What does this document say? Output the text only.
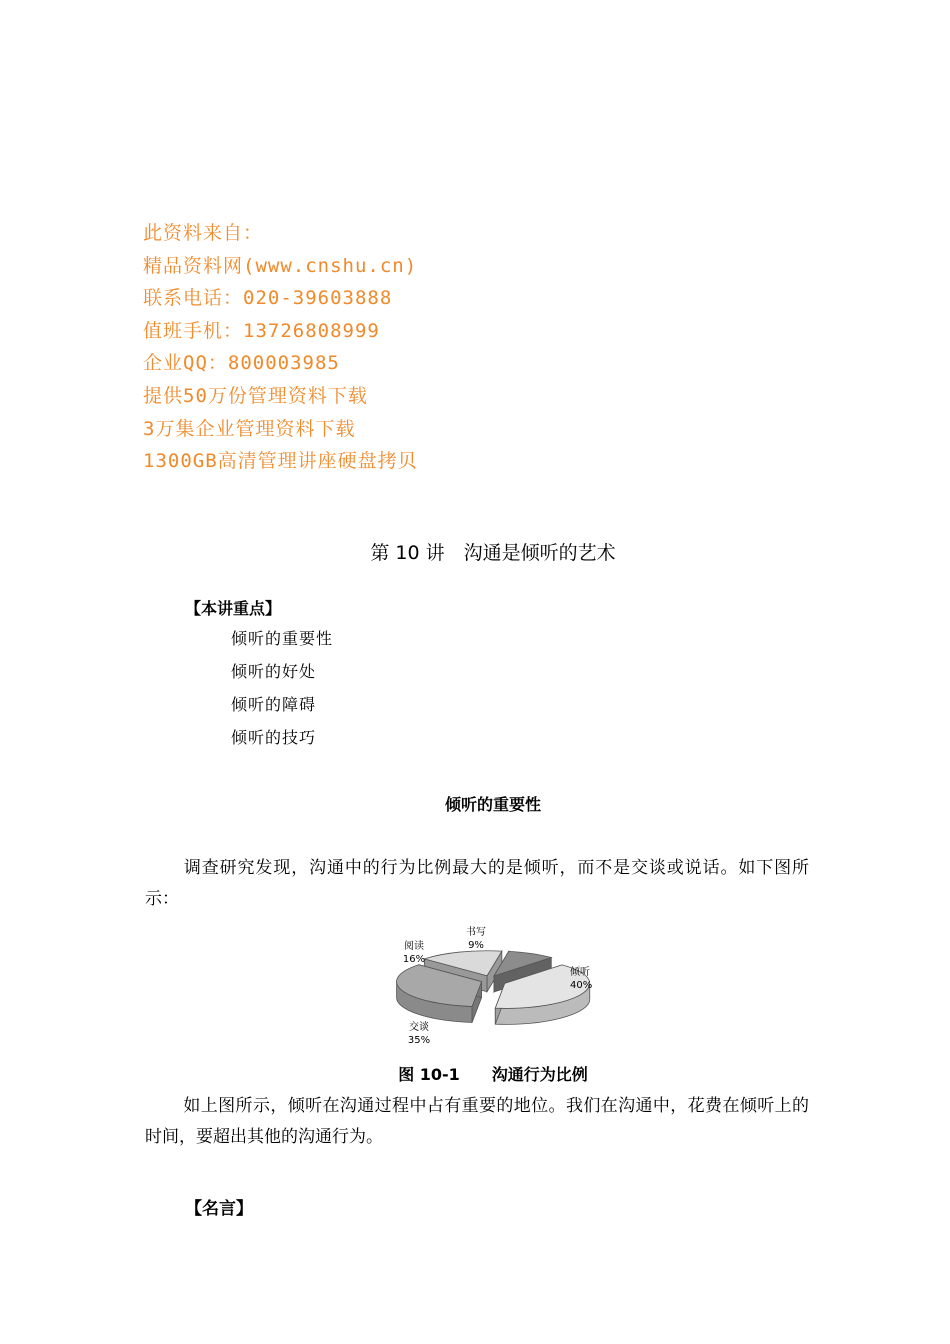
此资料来自：
精品资料网(www.cnshu.cn)
联系电话：020-39603888
值班手机：13726808999
企业QQ：800003985
提供50万份管理资料下载
3万集企业管理资料下载
1300GB高清管理讲座硬盘拷贝
第 10 讲　沟通是倾听的艺术
【本讲重点】
倾听的重要性
倾听的好处
倾听的障碍
倾听的技巧
倾听的重要性
调查研究发现，沟通中的行为比例最大的是倾听，而不是交谈或说话。如下图所示：
倾听
40%
交谈
35%
阅读
16%
书写
9%
图 10-1　　沟通行为比例
如上图所示，倾听在沟通过程中占有重要的地位。我们在沟通中，花费在倾听上的时间，要超出其他的沟通行为。
【名言】
